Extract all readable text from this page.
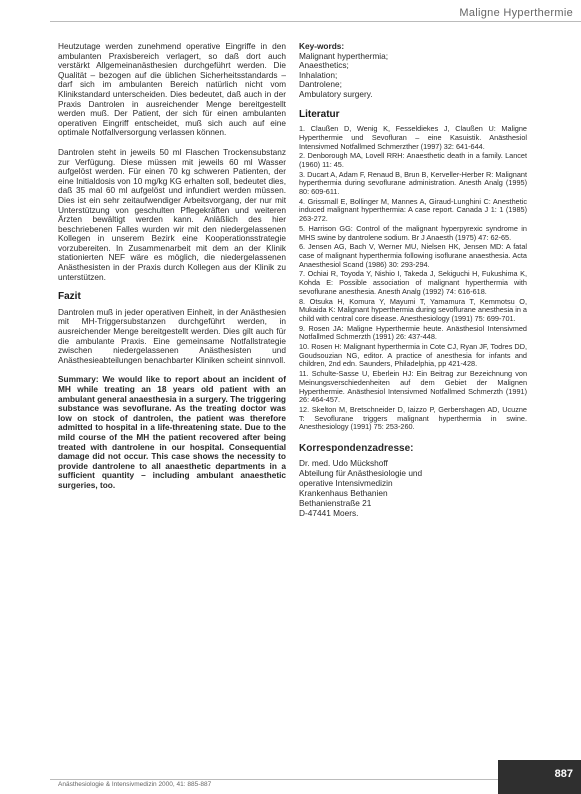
Maligne Hyperthermie

Heutzutage werden zunehmend operative Eingriffe in den ambulanten Praxisbereich verlagert, so daß dort auch verstärkt Allgemeinanästhesien durchgeführt werden. Die Qualität – bezogen auf die üblichen Sicherheitsstandards – darf sich im ambulanten Bereich natürlich nicht vom Klinikstandard unterscheiden. Dies bedeutet, daß auch in der Praxis Dantrolen in ausreichender Menge bereitgestellt werden muß. Der Patient, der sich für einen ambulanten operativen Eingriff entscheidet, muß sich auch auf eine optimale Notfallversorgung verlassen können.

Dantrolen steht in jeweils 50 ml Flaschen Trockensubstanz zur Verfügung. Diese müssen mit jeweils 60 ml Wasser aufgelöst werden. Für einen 70 kg schweren Patienten, der eine Initialdosis von 10 mg/kg KG erhalten soll, bedeutet dies, daß 35 mal 60 ml aufgelöst und infundiert werden müssen. Dies ist ein sehr zeitaufwendiger Arbeitsvorgang, der nur mit Unterstützung von geschulten Pflegekräften und weiteren Ärzten bewältigt werden kann. Anläßlich des hier beschriebenen Falles wurden wir mit den niedergelassenen Kollegen in unserem Bezirk eine Kooperationsstrategie vorzubereiten. In Zusammenarbeit mit dem an der Klinik stationierten NEF wäre es möglich, die niedergelassenen Anästhesisten in der Praxis durch Kollegen aus der Klinik zu unterstützen.

Fazit

Dantrolen muß in jeder operativen Einheit, in der Anästhesien mit MH-Triggersubstanzen durchgeführt werden, in ausreichender Menge bereitgestellt werden. Dies gilt auch für die ambulante Praxis. Eine gemeinsame Notfallstrategie zwischen niedergelassenen Anästhesisten und Anästhesieabteilungen benachbarter Kliniken scheint sinnvoll.

Summary: We would like to report about an incident of MH while treating an 18 years old patient with an ambulant general anaesthesia in a surgery. The triggering substance was sevoflurane. As the treating doctor was low on stock of dantrolen, the patient was therefore admitted to hospital in a life-threatening state. Due to the mild course of the MH the patient recovered after being treated with dantrolene in our hospital. Consequential damage did not occur. This case shows the necessity to provide dantrolene to all anaesthetic departments in a sufficient quantity – including ambulant anaesthetic surgeries, too.

Key-words:
Malignant hyperthermia;
Anaesthetics;
Inhalation;
Dantrolene;
Ambulatory surgery.
Literatur
1. Claußen D, Wenig K, Fesseldiekes J, Claußen U: Maligne Hyperthermie und Sevofluran – eine Kasuistik. Anästhesiol Intensivmed Notfallmed Schmerzther (1997) 32: 641-644.
2. Denborough MA, Lovell RRH: Anaesthetic death in a family. Lancet (1960) 11: 45.
3. Ducart A, Adam F, Renaud B, Brun B, Kerveller-Herber R: Malignant hyperthermia during sevoflurane administration. Anesth Analg (1995) 80: 609-611.
4. Grissmall E, Bollinger M, Mannes A, Giraud-Lunghini C: Anesthetic induced malignant hyperthermia: A case report. Canada J 1: 1 (1985) 263-272.
5. Harrison GG: Control of the malignant hyperpyrexic syndrome in MHS swine by dantrolene sodium. Br J Anaesth (1975) 47: 62-65.
6. Jensen AG, Bach V, Werner MU, Nielsen HK, Jensen MD: A fatal case of malignant hyperthermia following isoflurane anaesthesia. Acta Anaesthesiol Scand (1986) 30: 293-294.
7. Ochiai R, Toyoda Y, Nishio I, Takeda J, Sekiguchi H, Fukushima K, Kohda E: Possible association of malignant hyperthermia with sevoflurane anesthesia. Anesth Analg (1992) 74: 616-618.
8. Otsuka H, Komura Y, Mayumi T, Yamamura T, Kemmotsu O, Mukaida K: Malignant hyperthermia during sevoflurane anesthesia in a child with central core disease. Anesthesiology (1991) 75: 699-701.
9. Rosen JA: Maligne Hyperthermie heute. Anästhesiol Intensivmed Notfallmed Schmerzth (1991) 26: 437-448.
10. Rosen H: Malignant hyperthermia in Cote CJ, Ryan JF, Todres DD, Goudsouzian NG, editor. A practice of anesthesia for infants and children, 2nd edn. Saunders, Philadelphia, pp 421-428.
11. Schulte-Sasse U, Eberlein HJ: Ein Beitrag zur Bezeichnung von Meinungsverschiedenheiten auf dem Gebiet der Malignen Hyperthermie. Anästhesiol Intensivmed Notfallmed Schmerzth (1991) 26: 464-457.
12. Skelton M, Bretschneider D, Iaizzo P, Gerbershagen AD, Ucuzne T: Sevoflurane triggers malignant hyperthermia in swine. Anesthesiology (1991) 75: 253-260.
Korrespondenzadresse:
Dr. med. Udo Mückshoff
Abteilung für Anästhesiologie und
operative Intensivmedizin
Krankenhaus Bethanien
Bethanienstraße 21
D-47441 Moers.
Anästhesiologie & Intensivmedizin 2000, 41: 885-887
887
